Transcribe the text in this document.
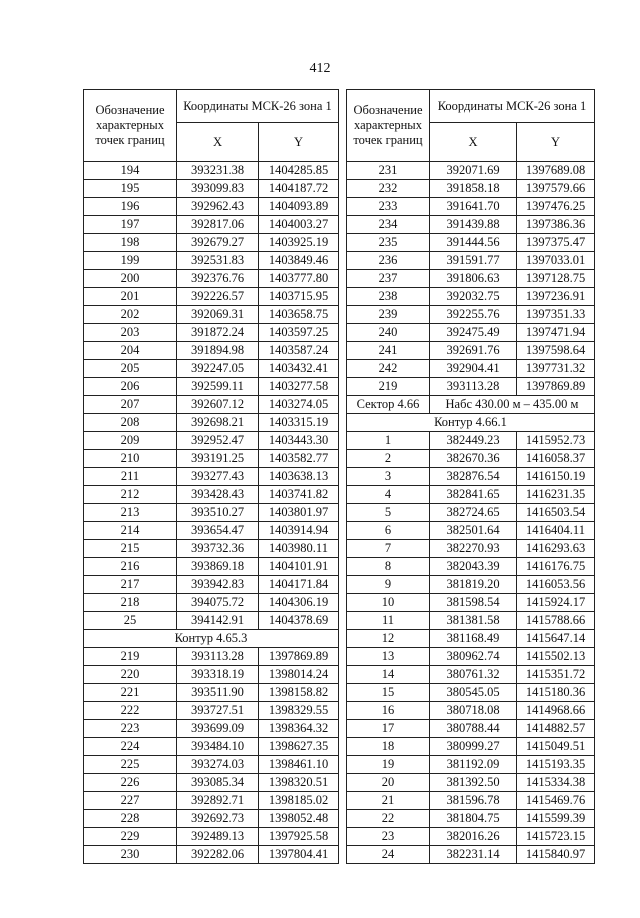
412
Обозначение характерных точек границ	Координаты МСК-26 зона 1	
	X	Y
194	393231.38	1404285.85
195	393099.83	1404187.72
196	392962.43	1404093.89
197	392817.06	1404003.27
198	392679.27	1403925.19
199	392531.83	1403849.46
200	392376.76	1403777.80
201	392226.57	1403715.95
202	392069.31	1403658.75
203	391872.24	1403597.25
204	391894.98	1403587.24
205	392247.05	1403432.41
206	392599.11	1403277.58
207	392607.12	1403274.05
208	392698.21	1403315.19
209	392952.47	1403443.30
210	393191.25	1403582.77
211	393277.43	1403638.13
212	393428.43	1403741.82
213	393510.27	1403801.97
214	393654.47	1403914.94
215	393732.36	1403980.11
216	393869.18	1404101.91
217	393942.83	1404171.84
218	394075.72	1404306.19
25	394142.91	1404378.69
Контур 4.65.3		
219	393113.28	1397869.89
220	393318.19	1398014.24
221	393511.90	1398158.82
222	393727.51	1398329.55
223	393699.09	1398364.32
224	393484.10	1398627.35
225	393274.03	1398461.10
226	393085.34	1398320.51
227	392892.71	1398185.02
228	392692.73	1398052.48
229	392489.13	1397925.58
230	392282.06	1397804.41
Обозначение характерных точек границ	Координаты МСК-26 зона 1	
	X	Y
231	392071.69	1397689.08
232	391858.18	1397579.66
233	391641.70	1397476.25
234	391439.88	1397386.36
235	391444.56	1397375.47
236	391591.77	1397033.01
237	391806.63	1397128.75
238	392032.75	1397236.91
239	392255.76	1397351.33
240	392475.49	1397471.94
241	392691.76	1397598.64
242	392904.41	1397731.32
219	393113.28	1397869.89
Сектор 4.66	Набс 430.00 м – 435.00 м	
Контур 4.66.1		
1	382449.23	1415952.73
2	382670.36	1416058.37
3	382876.54	1416150.19
4	382841.65	1416231.35
5	382724.65	1416503.54
6	382501.64	1416404.11
7	382270.93	1416293.63
8	382043.39	1416176.75
9	381819.20	1416053.56
10	381598.54	1415924.17
11	381381.58	1415788.66
12	381168.49	1415647.14
13	380962.74	1415502.13
14	380761.32	1415351.72
15	380545.05	1415180.36
16	380718.08	1414968.66
17	380788.44	1414882.57
18	380999.27	1415049.51
19	381192.09	1415193.35
20	381392.50	1415334.38
21	381596.78	1415469.76
22	381804.75	1415599.39
23	382016.26	1415723.15
24	382231.14	1415840.97
